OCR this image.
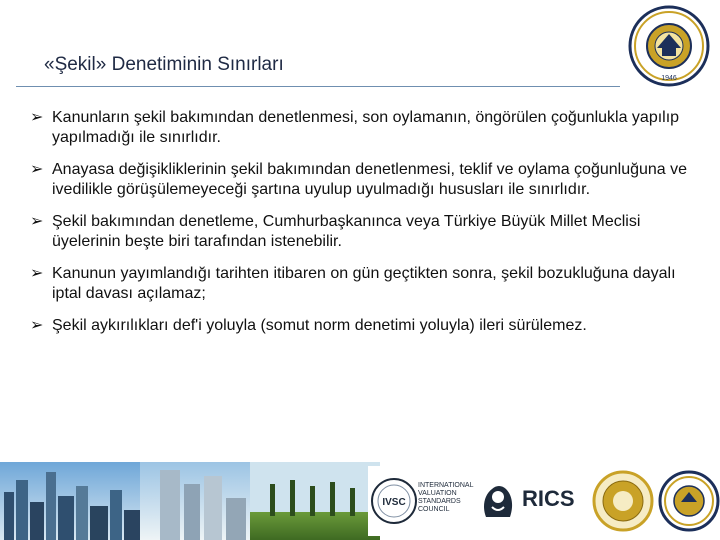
«Şekil» Denetiminin Sınırları
1946
➢ Kanunların şekil bakımından denetlenmesi, son oylamanın, öngörülen çoğunlukla yapılıp yapılmadığı ile sınırlıdır.
➢ Anayasa değişikliklerinin şekil bakımından denetlenmesi, teklif ve oylama çoğunluğuna ve ivedilikle görüşülemeyeceği şartına uyulup uyulmadığı hususları ile sınırlıdır.
➢ Şekil bakımından denetleme, Cumhurbaşkanınca veya Türkiye Büyük Millet Meclisi üyelerinin beşte biri tarafından istenebilir.
➢ Kanunun yayımlandığı tarihten itibaren on gün geçtikten sonra, şekil bozukluğuna dayalı iptal davası açılamaz;
➢ Şekil aykırılıkları def'i yoluyla (somut norm denetimi yoluyla) ileri sürülemez.
IVSC
INTERNATIONAL
VALUATION
STANDARDS
COUNCIL	RICS
